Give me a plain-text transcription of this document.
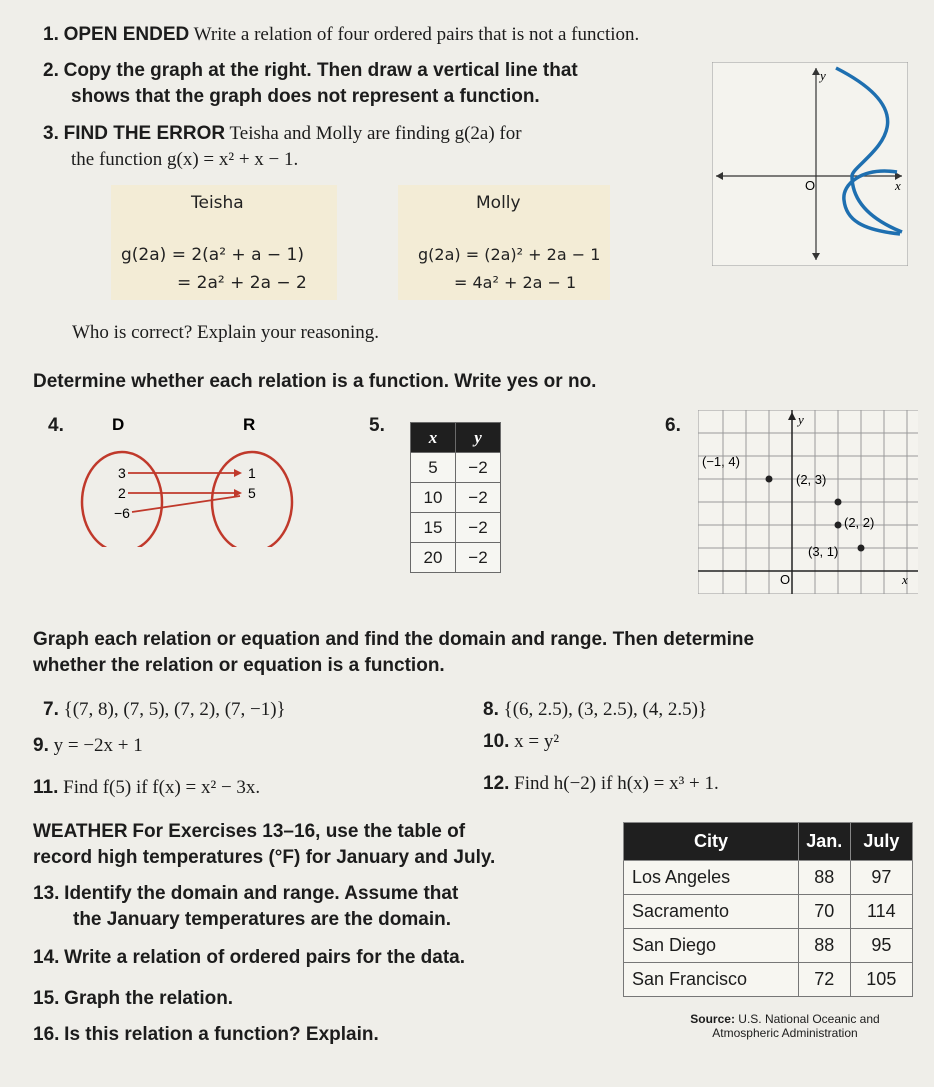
1. OPEN ENDED Write a relation of four ordered pairs that is not a function.
2. Copy the graph at the right. Then draw a vertical line that
shows that the graph does not represent a function.
3. FIND THE ERROR Teisha and Molly are finding g(2a) for
the function g(x) = x² + x − 1.
y
x
O
Teisha
g(2a) = 2(a² + a − 1)
= 2a² + 2a − 2
Molly
g(2a) = (2a)² + 2a − 1
= 4a² + 2a − 1
Who is correct? Explain your reasoning.
Determine whether each relation is a function. Write yes or no.
4.	D	R
3
2
−6
1
5
5.
x	y
5	−2
10	−2
15	−2
20	−2
6.	y
x
O
(−1, 4)
(2, 3)
(2, 2)
(3, 1)
Graph each relation or equation and find the domain and range. Then determine
whether the relation or equation is a function.
7. {(7, 8), (7, 5), (7, 2), (7, −1)}	8. {(6, 2.5), (3, 2.5), (4, 2.5)}
9. y = −2x + 1	10. x = y²
11. Find f(5) if f(x) = x² − 3x.	12. Find h(−2) if h(x) = x³ + 1.
WEATHER For Exercises 13–16, use the table of
record high temperatures (°F) for January and July.
13. Identify the domain and range. Assume that
the January temperatures are the domain.
14. Write a relation of ordered pairs for the data.
15. Graph the relation.
16. Is this relation a function? Explain.
City	Jan.	July
Los Angeles	88	97
Sacramento	70	114
San Diego	88	95
San Francisco	72	105
Source: U.S. National Oceanic and
Atmospheric Administration
